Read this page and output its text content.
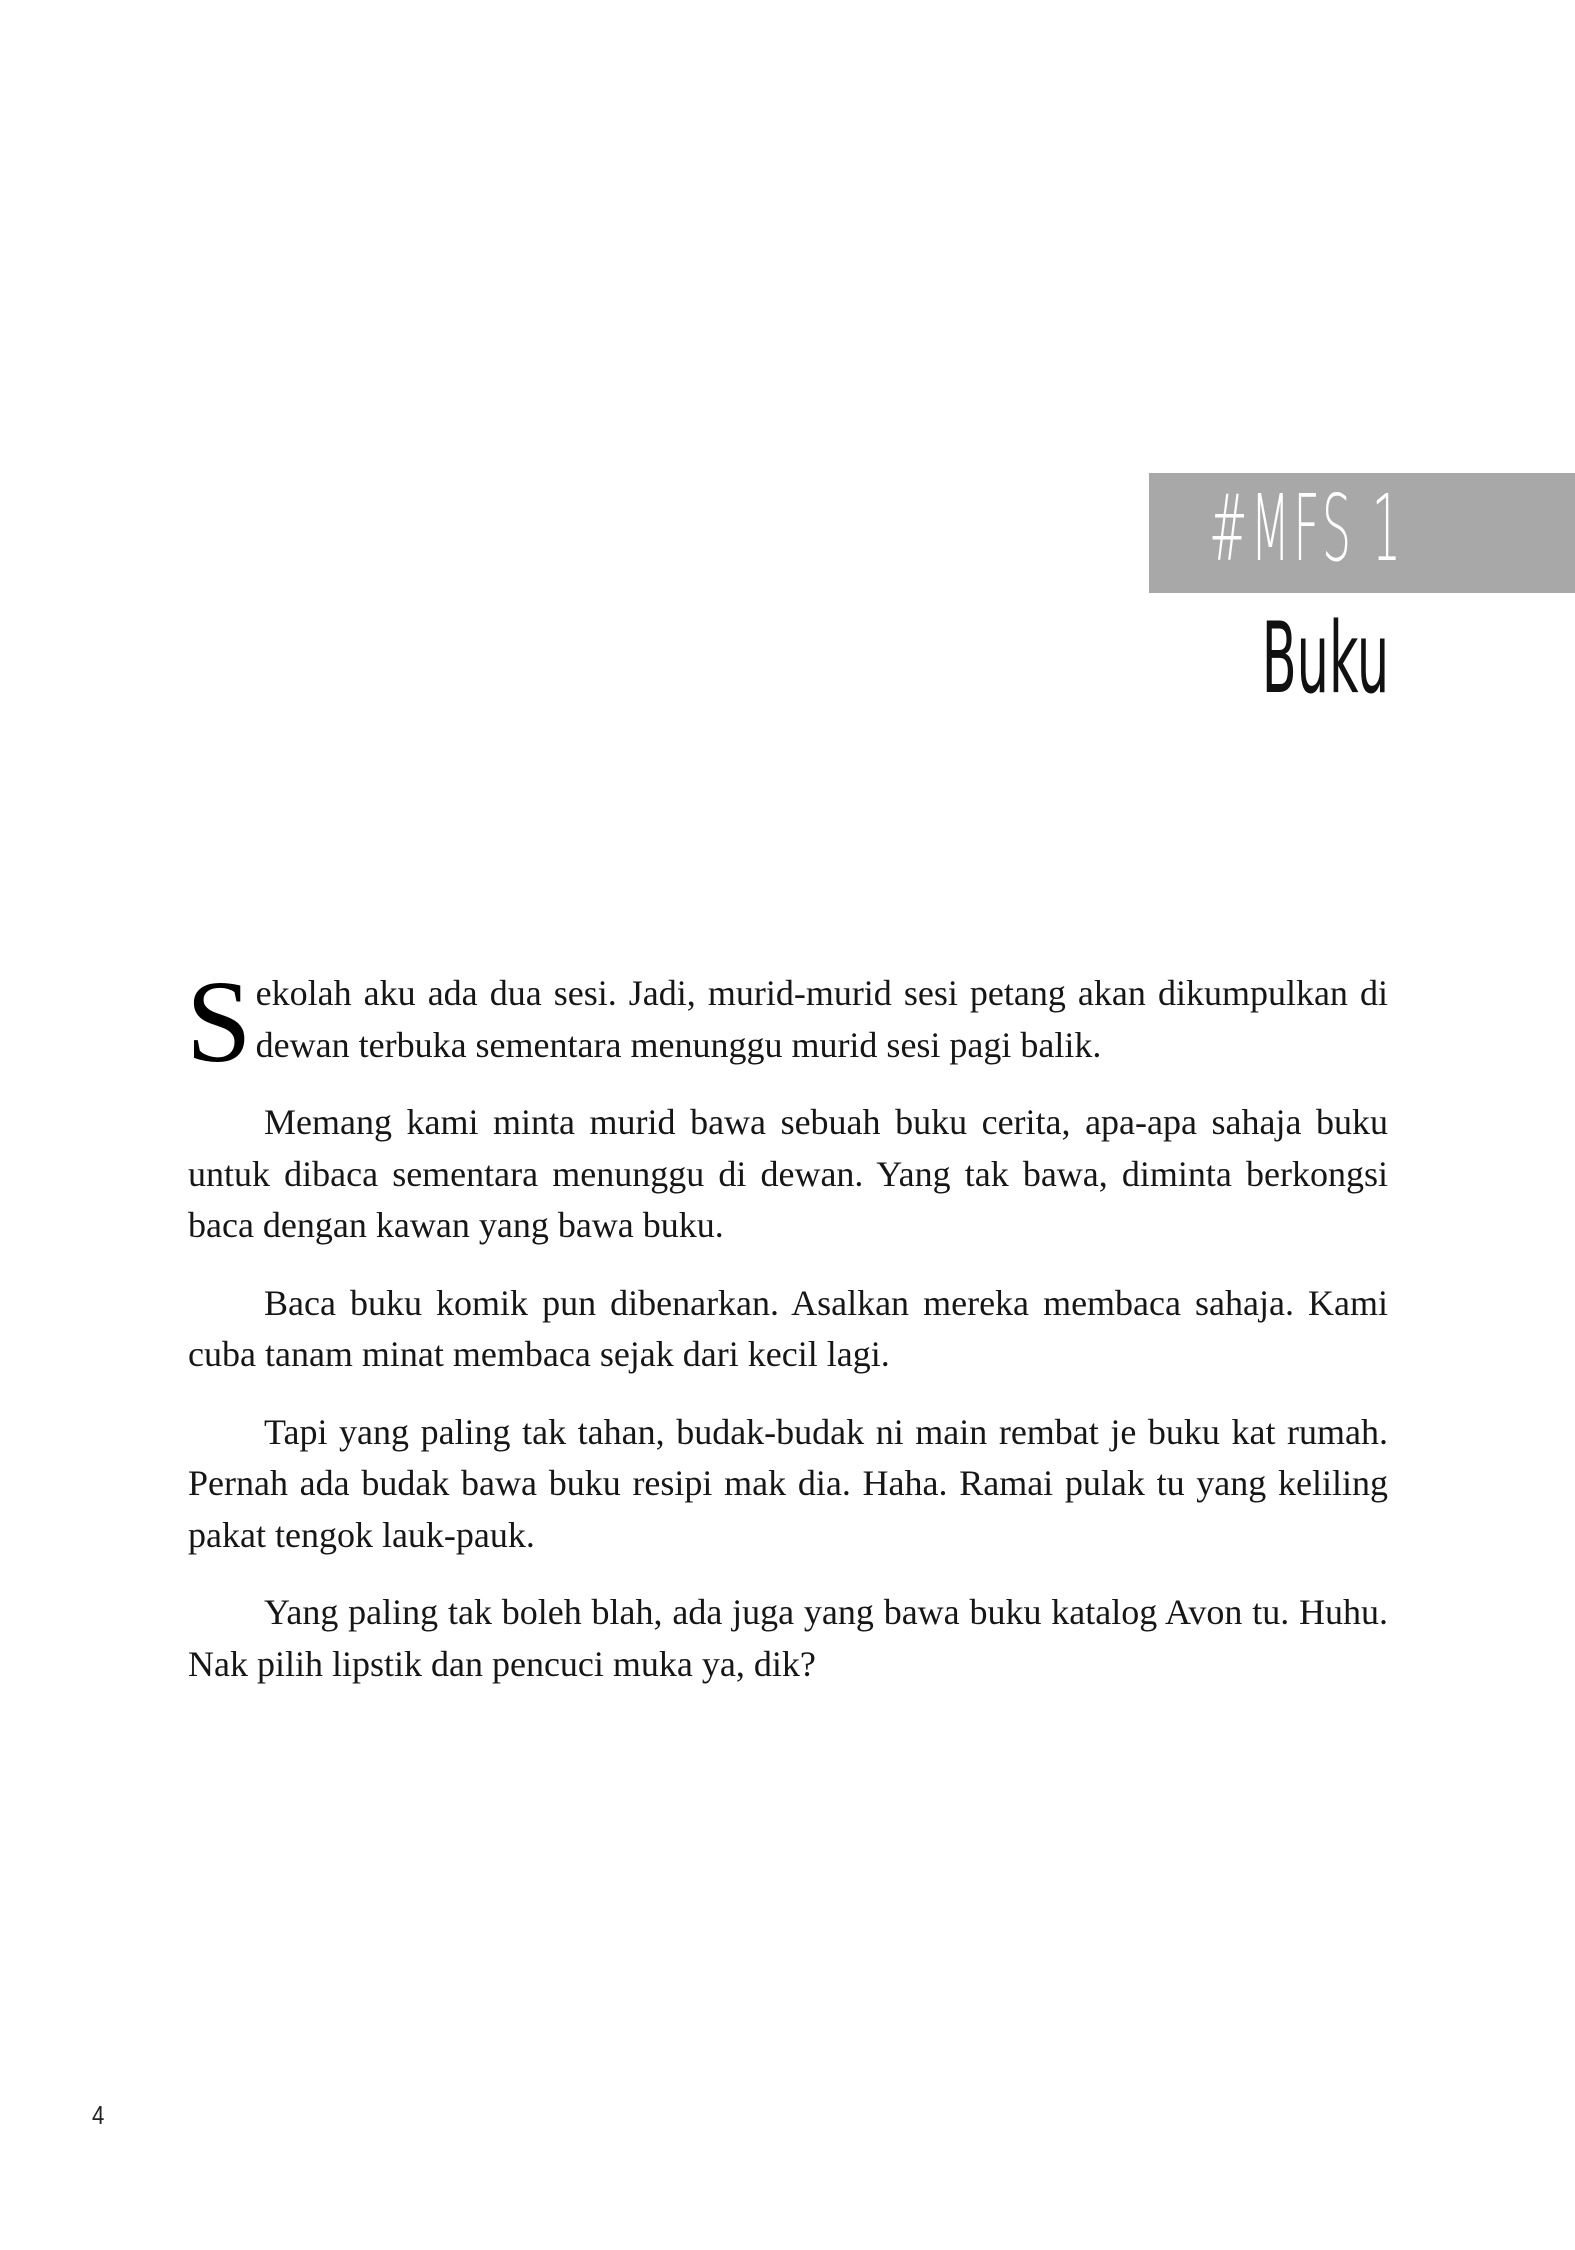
#MFS 1
Buku

Sekolah aku ada dua sesi. Jadi, murid-murid sesi petang akan dikumpulkan di dewan terbuka sementara menunggu murid sesi pagi balik.

Memang kami minta murid bawa sebuah buku cerita, apa-apa sahaja buku untuk dibaca sementara menunggu di dewan. Yang tak bawa, diminta berkongsi baca dengan kawan yang bawa buku.

Baca buku komik pun dibenarkan. Asalkan mereka membaca sahaja. Kami cuba tanam minat membaca sejak dari kecil lagi.

Tapi yang paling tak tahan, budak-budak ni main rembat je buku kat rumah. Pernah ada budak bawa buku resipi mak dia. Haha. Ramai pulak tu yang keliling pakat tengok lauk-pauk.

Yang paling tak boleh blah, ada juga yang bawa buku katalog Avon tu. Huhu. Nak pilih lipstik dan pencuci muka ya, dik?

4
